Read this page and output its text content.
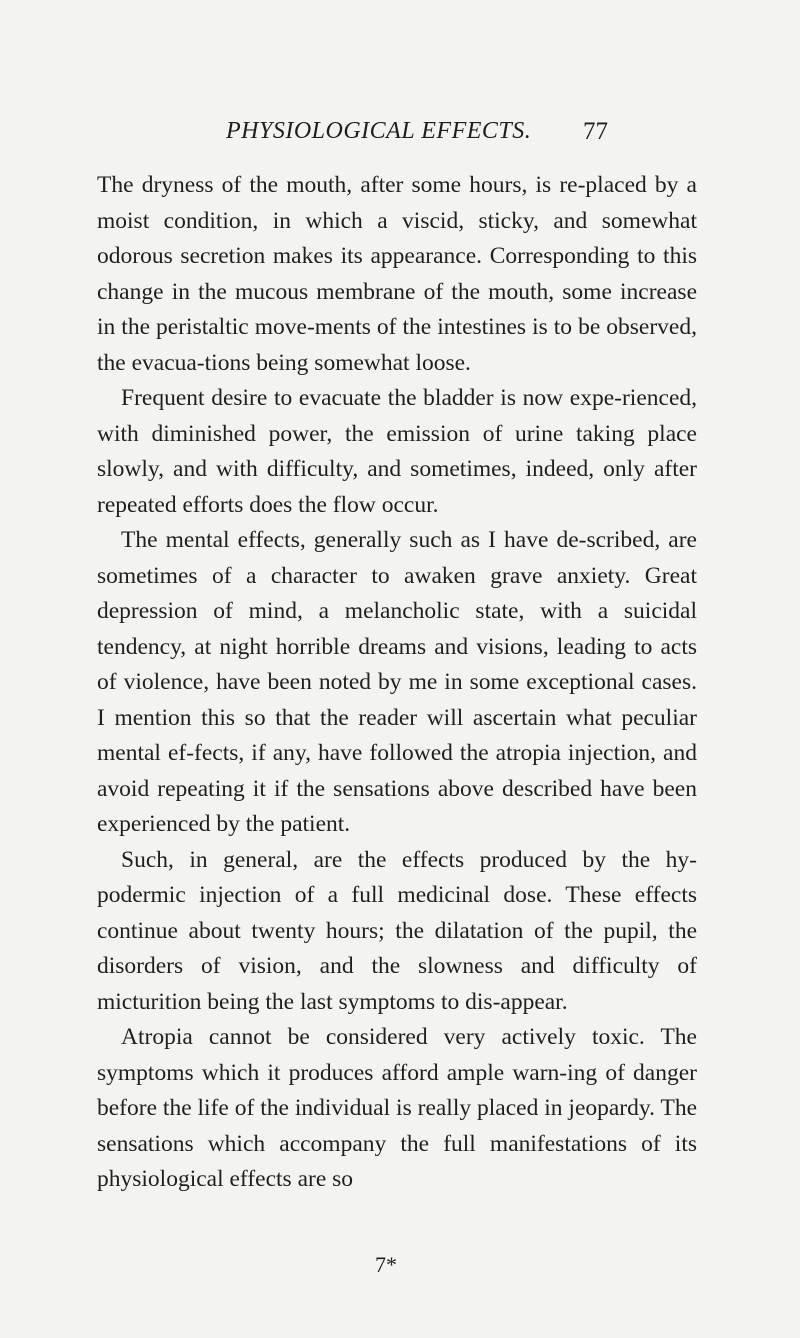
PHYSIOLOGICAL EFFECTS. 77

The dryness of the mouth, after some hours, is re-placed by a moist condition, in which a viscid, sticky, and somewhat odorous secretion makes its appearance. Corresponding to this change in the mucous membrane of the mouth, some increase in the peristaltic move-ments of the intestines is to be observed, the evacua-tions being somewhat loose.

Frequent desire to evacuate the bladder is now expe-rienced, with diminished power, the emission of urine taking place slowly, and with difficulty, and sometimes, indeed, only after repeated efforts does the flow occur.

The mental effects, generally such as I have de-scribed, are sometimes of a character to awaken grave anxiety. Great depression of mind, a melancholic state, with a suicidal tendency, at night horrible dreams and visions, leading to acts of violence, have been noted by me in some exceptional cases. I mention this so that the reader will ascertain what peculiar mental ef-fects, if any, have followed the atropia injection, and avoid repeating it if the sensations above described have been experienced by the patient.

Such, in general, are the effects produced by the hy-podermic injection of a full medicinal dose. These effects continue about twenty hours; the dilatation of the pupil, the disorders of vision, and the slowness and difficulty of micturition being the last symptoms to dis-appear.

Atropia cannot be considered very actively toxic. The symptoms which it produces afford ample warn-ing of danger before the life of the individual is really placed in jeopardy. The sensations which accompany the full manifestations of its physiological effects are so

7*
